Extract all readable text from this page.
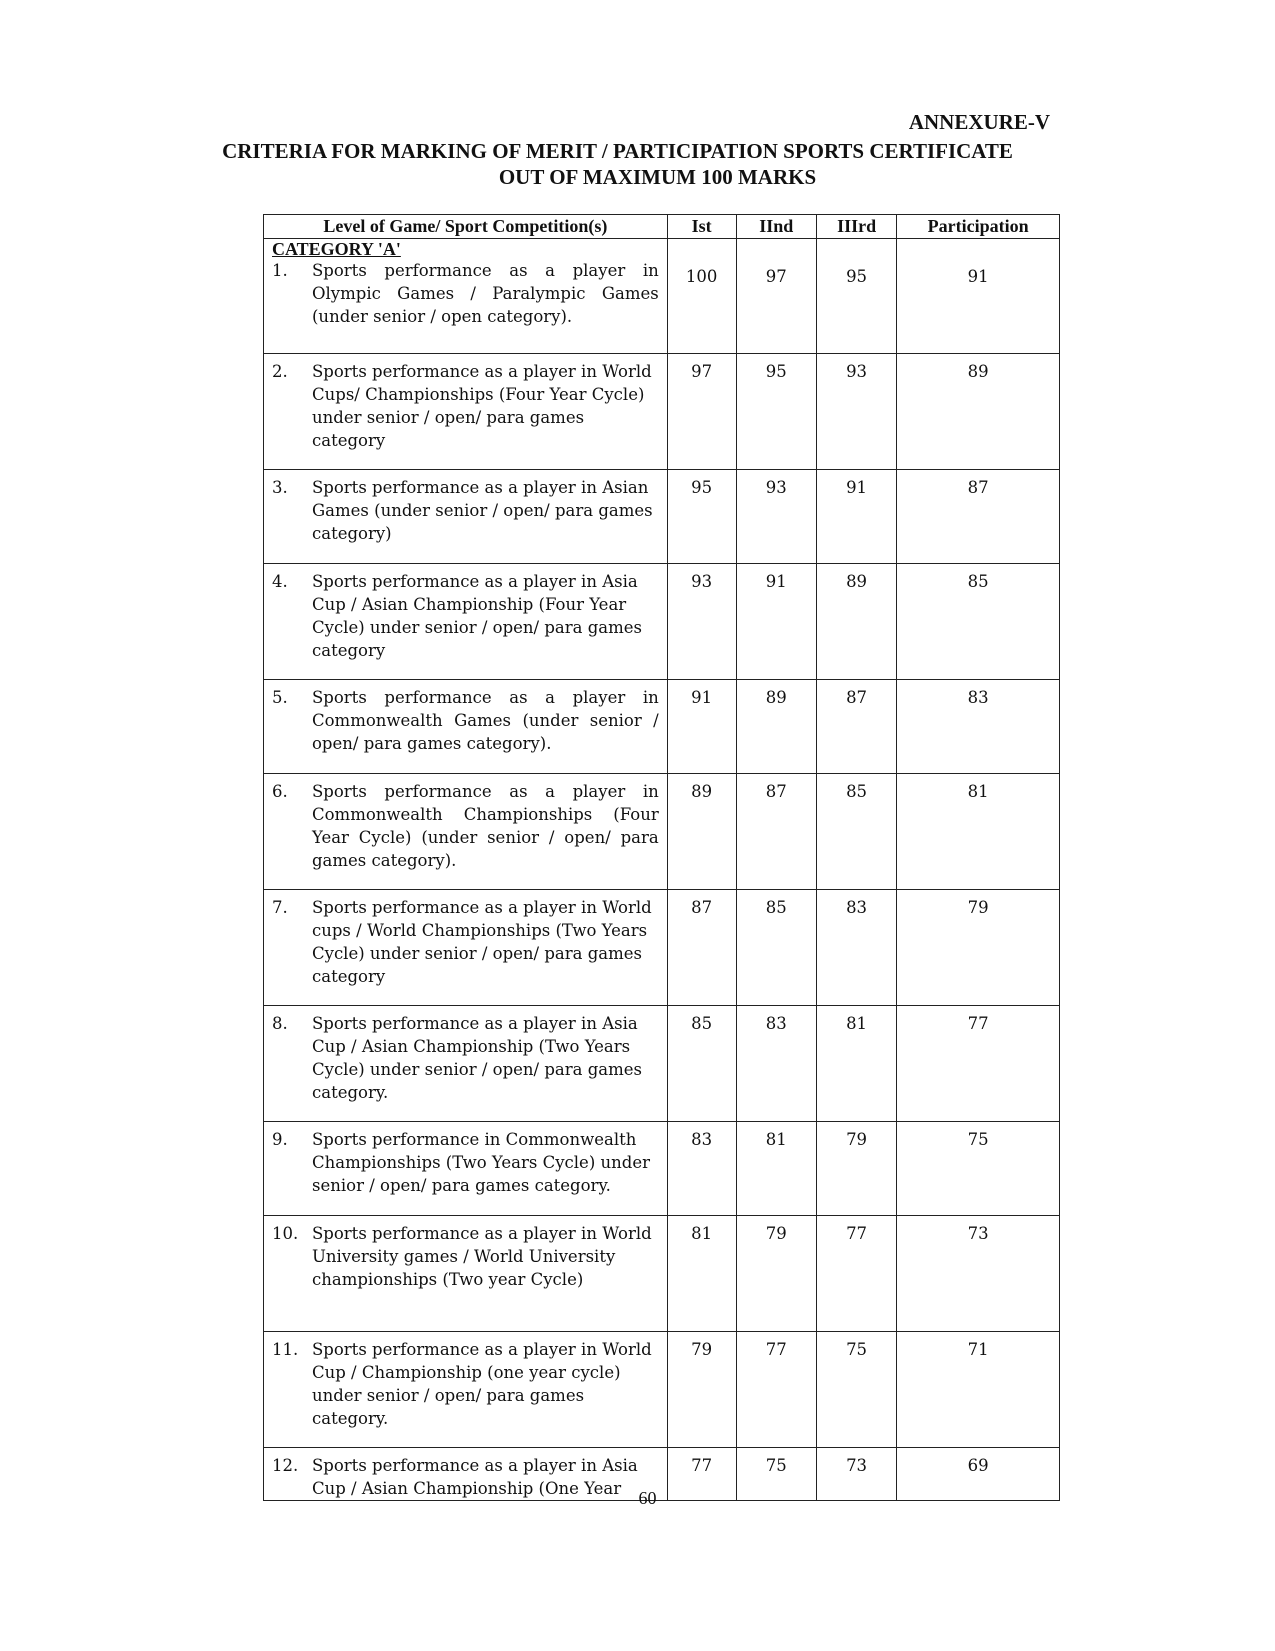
ANNEXURE-V
CRITERIA FOR MARKING OF MERIT / PARTICIPATION SPORTS CERTIFICATE
OUT OF MAXIMUM 100 MARKS
Level of Game/ Sport Competition(s)	Ist	IInd	IIIrd	Participation

CATEGORY 'A'
1. Sports performance as a player in Olympic Games / Paralympic Games (under senior / open category).	100	97	95	91

2. Sports performance as a player in World Cups/ Championships (Four Year Cycle) under senior / open/ para games category	97	95	93	89

3. Sports performance as a player in Asian Games (under senior / open/ para games category)	95	93	91	87

4. Sports performance as a player in Asia Cup / Asian Championship (Four Year Cycle) under senior / open/ para games category	93	91	89	85

5. Sports performance as a player in Commonwealth Games (under senior / open/ para games category).	91	89	87	83

6. Sports performance as a player in Commonwealth Championships (Four Year Cycle) (under senior / open/ para games category).	89	87	85	81

7. Sports performance as a player in World cups / World Championships (Two Years Cycle) under senior / open/ para games category	87	85	83	79

8. Sports performance as a player in Asia Cup / Asian Championship (Two Years Cycle) under senior / open/ para games category.	85	83	81	77

9. Sports performance in Commonwealth Championships (Two Years Cycle) under senior / open/ para games category.	83	81	79	75

10. Sports performance as a player in World University games / World University championships (Two year Cycle)	81	79	77	73

11. Sports performance as a player in World Cup / Championship (one year cycle) under senior / open/ para games category.	79	77	75	71

12. Sports performance as a player in Asia Cup / Asian Championship (One Year	77	75	73	69
60
